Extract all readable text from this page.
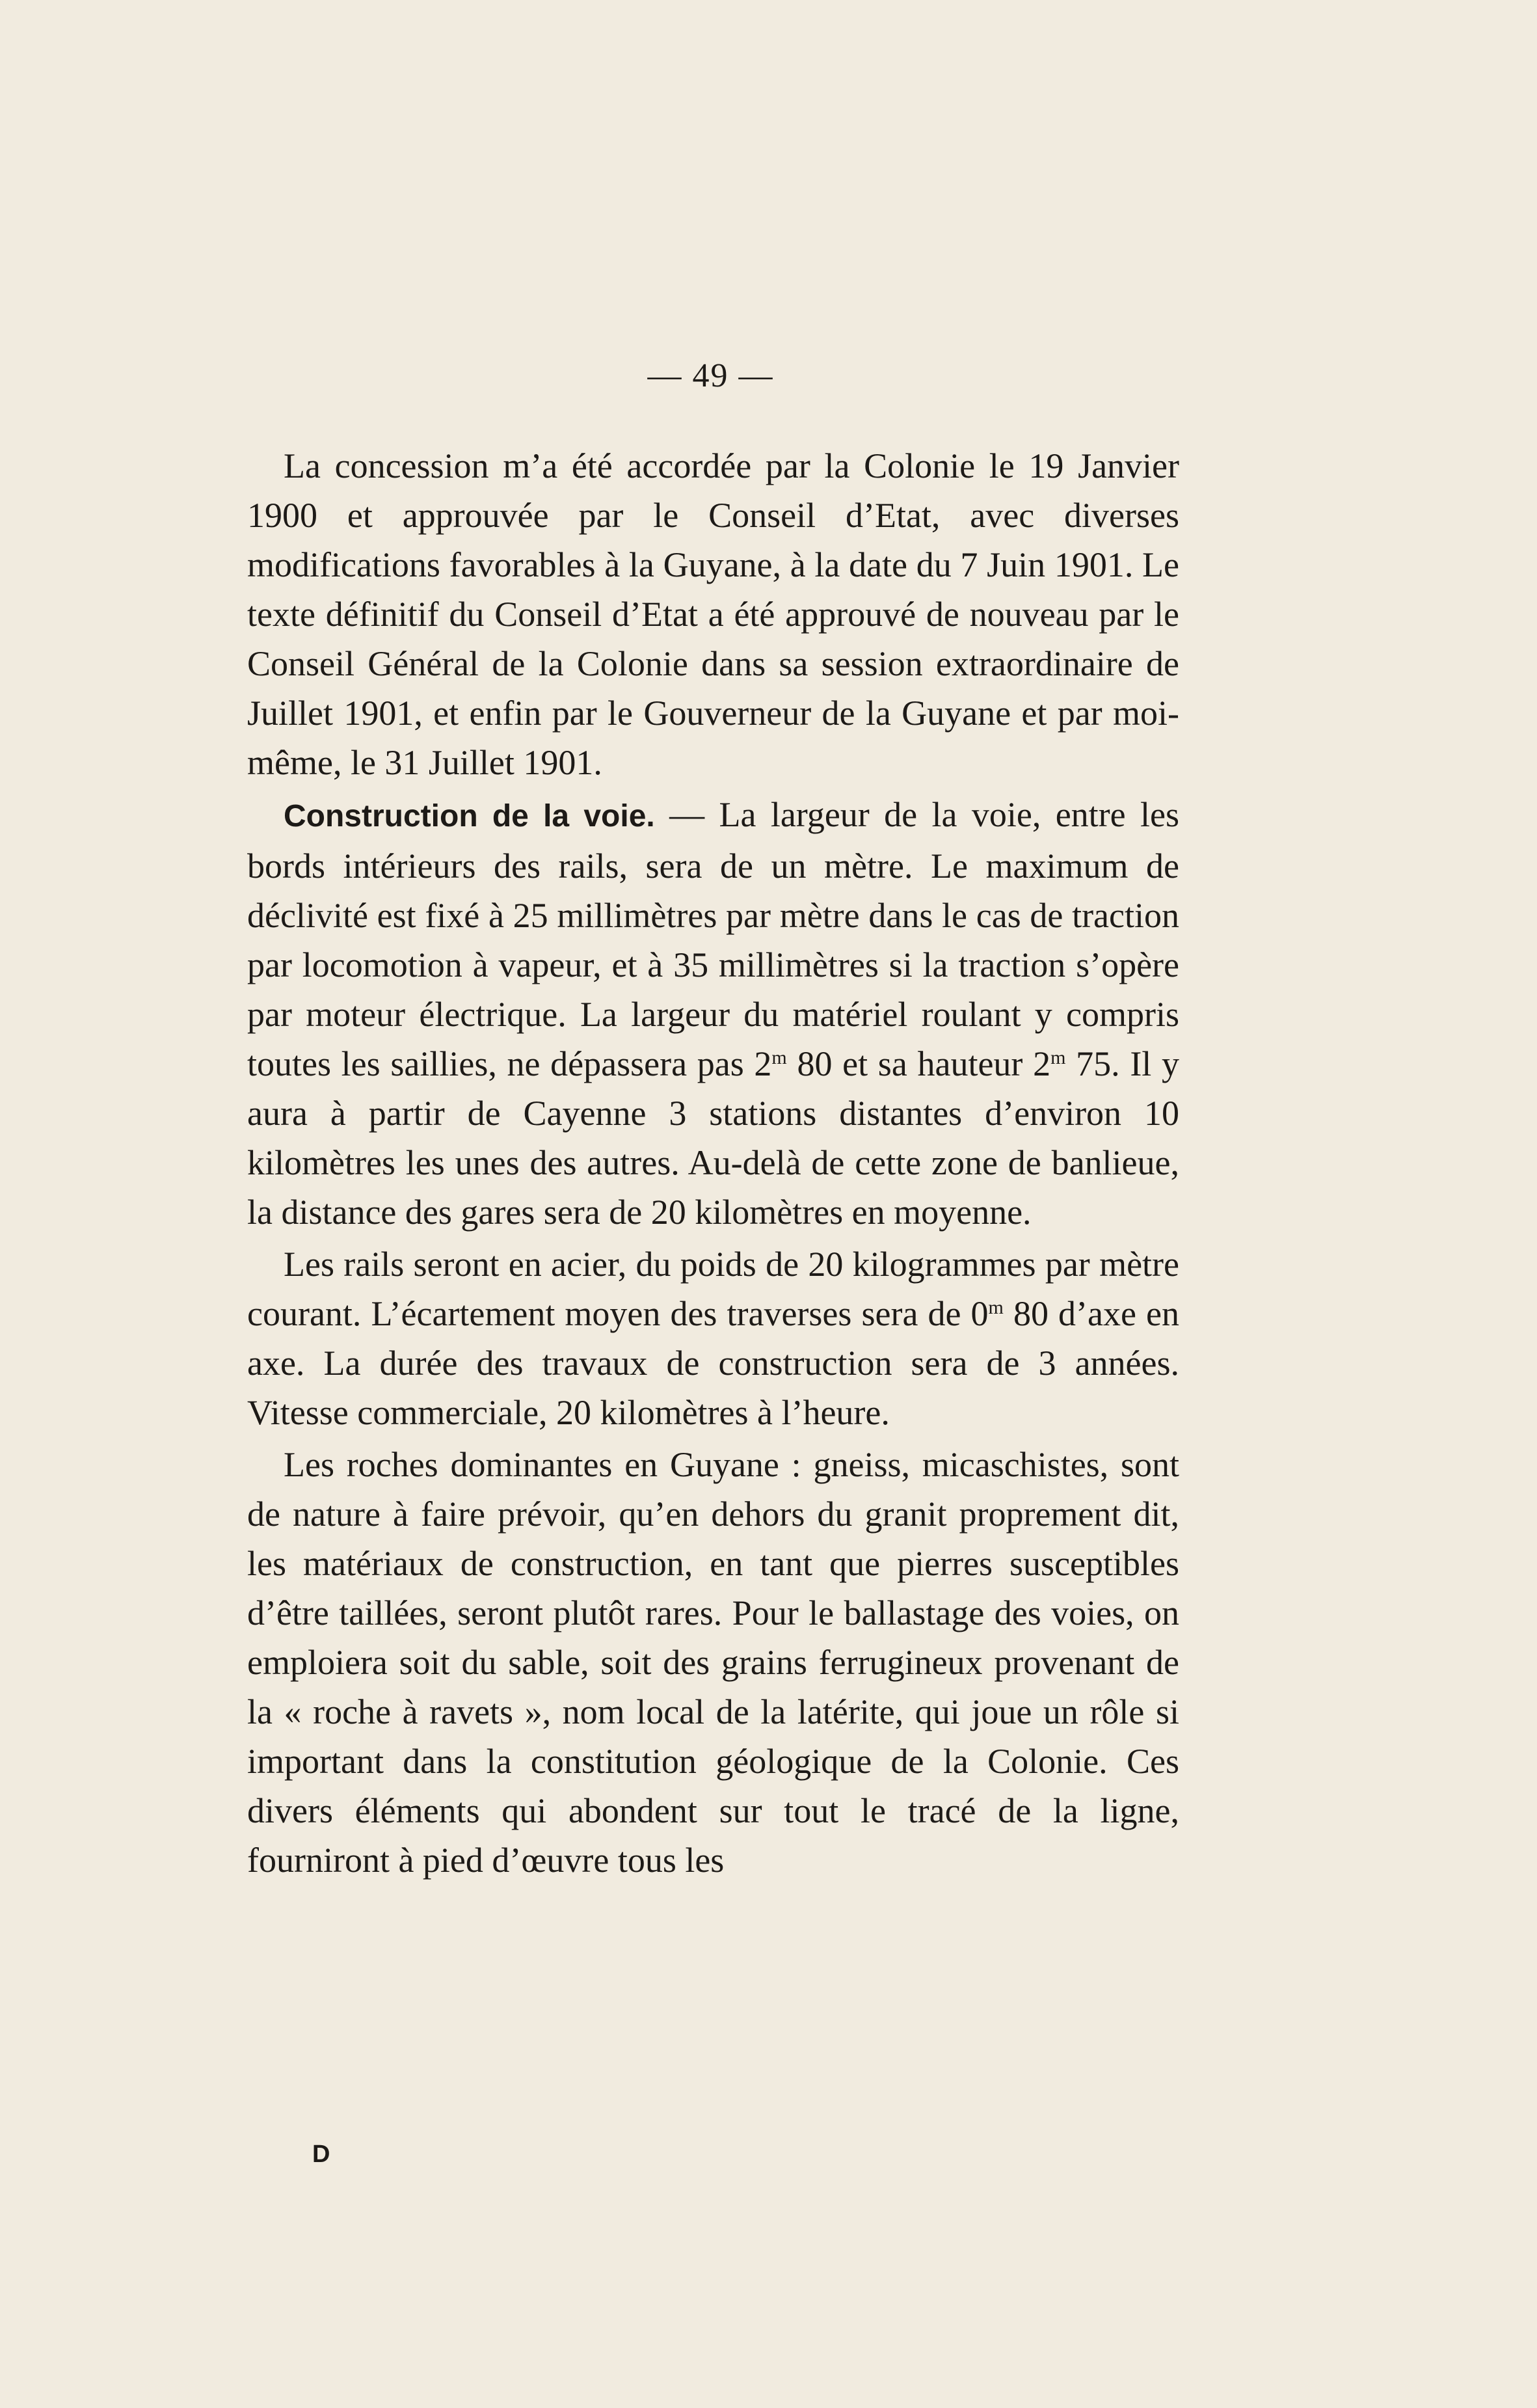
— 49 —

La concession m’a été accordée par la Colonie le 19 Janvier 1900 et approuvée par le Conseil d’Etat, avec diverses modifications favorables à la Guyane, à la date du 7 Juin 1901. Le texte définitif du Conseil d’Etat a été approuvé de nouveau par le Conseil Général de la Colonie dans sa session extraordinaire de Juillet 1901, et enfin par le Gouverneur de la Guyane et par moi-même, le 31 Juillet 1901.

Construction de la voie. — La largeur de la voie, entre les bords intérieurs des rails, sera de un mètre. Le maximum de déclivité est fixé à 25 millimètres par mètre dans le cas de traction par locomotion à vapeur, et à 35 millimètres si la traction s’opère par moteur électrique. La largeur du matériel roulant y compris toutes les saillies, ne dépassera pas 2$^m$ 80 et sa hauteur 2$^m$ 75. Il y aura à partir de Cayenne 3 stations distantes d’environ 10 kilomètres les unes des autres. Au-delà de cette zone de banlieue, la distance des gares sera de 20 kilomètres en moyenne.

Les rails seront en acier, du poids de 20 kilogrammes par mètre courant. L’écartement moyen des traverses sera de 0$^m$ 80 d’axe en axe. La durée des travaux de construction sera de 3 années. Vitesse commerciale, 20 kilomètres à l’heure.

Les roches dominantes en Guyane : gneiss, micaschistes, sont de nature à faire prévoir, qu’en dehors du granit proprement dit, les matériaux de construction, en tant que pierres susceptibles d’être taillées, seront plutôt rares. Pour le ballastage des voies, on emploiera soit du sable, soit des grains ferrugineux provenant de la « roche à ravets », nom local de la latérite, qui joue un rôle si important dans la constitution géologique de la Colonie. Ces divers éléments qui abondent sur tout le tracé de la ligne, fourniront à pied d’œuvre tous les

D
